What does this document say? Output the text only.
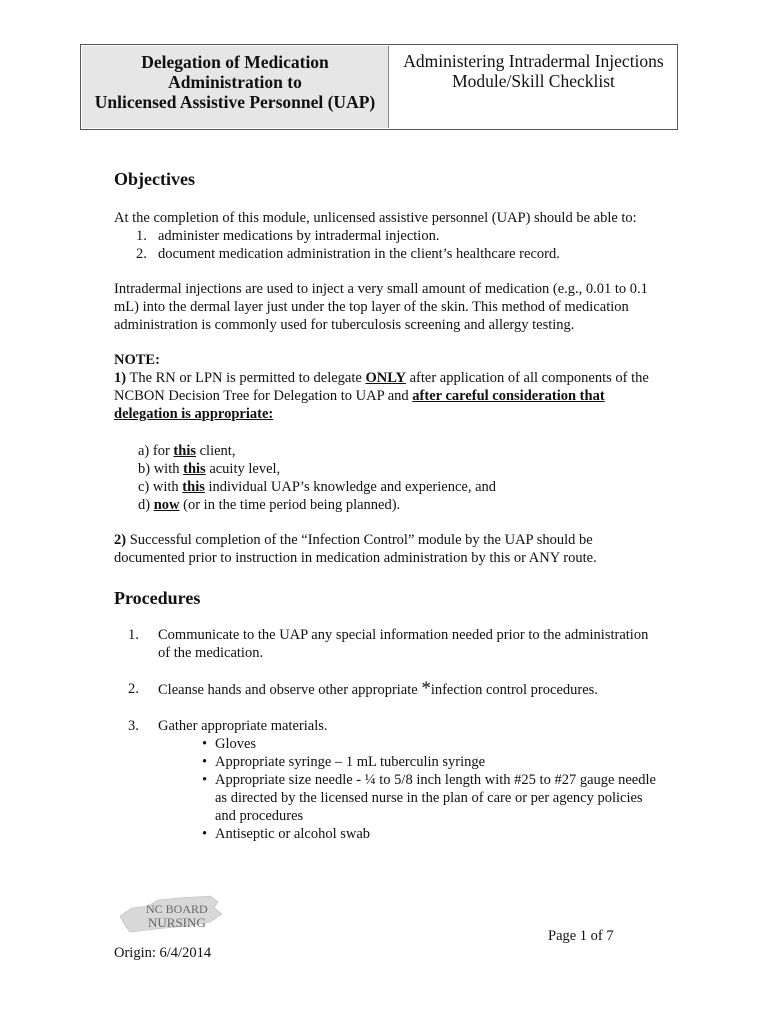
Delegation of Medication
Administration to
Unlicensed Assistive Personnel (UAP)
Administering Intradermal Injections
Module/Skill Checklist
Objectives

At the completion of this module, unlicensed assistive personnel (UAP) should be able to:

1. administer medications by intradermal injection.
2. document medication administration in the client’s healthcare record.

Intradermal injections are used to inject a very small amount of medication (e.g., 0.01 to 0.1 mL) into the dermal layer just under the top layer of the skin. This method of medication administration is commonly used for tuberculosis screening and allergy testing.

NOTE:

1) The RN or LPN is permitted to delegate ONLY after application of all components of the NCBON Decision Tree for Delegation to UAP and after careful consideration that delegation is appropriate:

a) for this client,
b) with this acuity level,
c) with this individual UAP’s knowledge and experience, and
d) now (or in the time period being planned).

2) Successful completion of the “Infection Control” module by the UAP should be documented prior to instruction in medication administration by this or ANY route.

Procedures
1. Communicate to the UAP any special information needed prior to the administration of the medication.
2. Cleanse hands and observe other appropriate *infection control procedures.
3. Gather appropriate materials.
• Gloves
• Appropriate syringe – 1 mL tuberculin syringe
• Appropriate size needle - ¼ to 5/8 inch length with #25 to #27 gauge needle as directed by the licensed nurse in the plan of care or per agency policies and procedures
• Antiseptic or alcohol swab
NC BOARD
NURSING
Page 1 of 7
Origin: 6/4/2014
